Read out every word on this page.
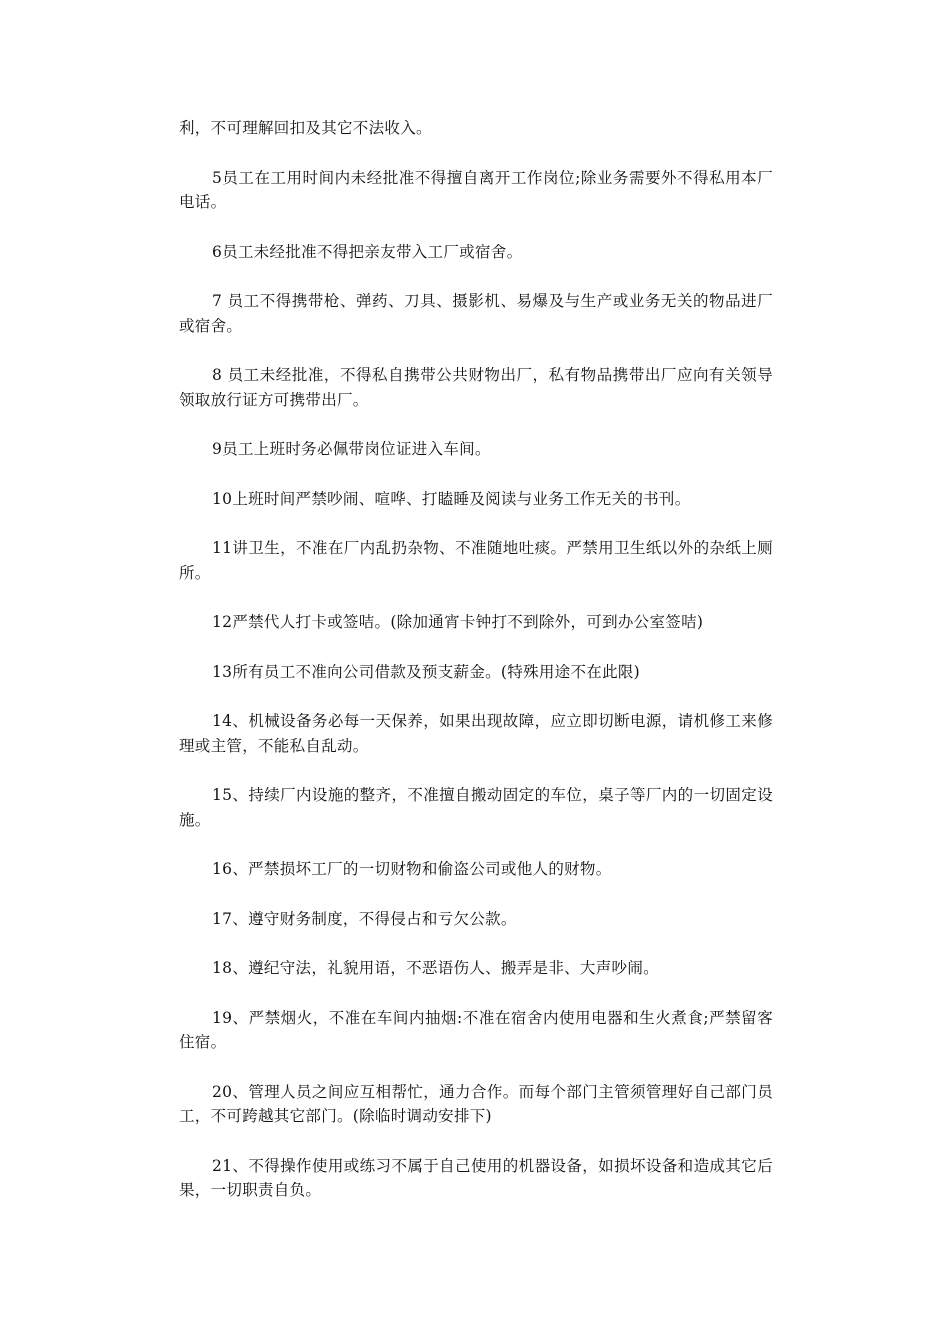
利，不可理解回扣及其它不法收入。

5员工在工用时间内未经批准不得擅自离开工作岗位;除业务需要外不得私用本厂电话。

6员工未经批准不得把亲友带入工厂或宿舍。

7 员工不得携带枪、弹药、刀具、摄影机、易爆及与生产或业务无关的物品进厂或宿舍。

8 员工未经批准，不得私自携带公共财物出厂，私有物品携带出厂应向有关领导领取放行证方可携带出厂。

9员工上班时务必佩带岗位证进入车间。

10上班时间严禁吵闹、喧哗、打瞌睡及阅读与业务工作无关的书刊。

11讲卫生，不准在厂内乱扔杂物、不准随地吐痰。严禁用卫生纸以外的杂纸上厕所。

12严禁代人打卡或签咭。(除加通宵卡钟打不到除外，可到办公室签咭)

13所有员工不准向公司借款及预支薪金。(特殊用途不在此限)

14、机械设备务必每一天保养，如果出现故障，应立即切断电源，请机修工来修理或主管，不能私自乱动。

15、持续厂内设施的整齐，不准擅自搬动固定的车位，桌子等厂内的一切固定设施。

16、严禁损坏工厂的一切财物和偷盗公司或他人的财物。

17、遵守财务制度，不得侵占和亏欠公款。

18、遵纪守法，礼貌用语，不恶语伤人、搬弄是非、大声吵闹。

19、严禁烟火，不准在车间内抽烟:不准在宿舍内使用电器和生火煮食;严禁留客住宿。

20、管理人员之间应互相帮忙，通力合作。而每个部门主管须管理好自己部门员工，不可跨越其它部门。(除临时调动安排下)

21、不得操作使用或练习不属于自己使用的机器设备，如损坏设备和造成其它后果，一切职责自负。
